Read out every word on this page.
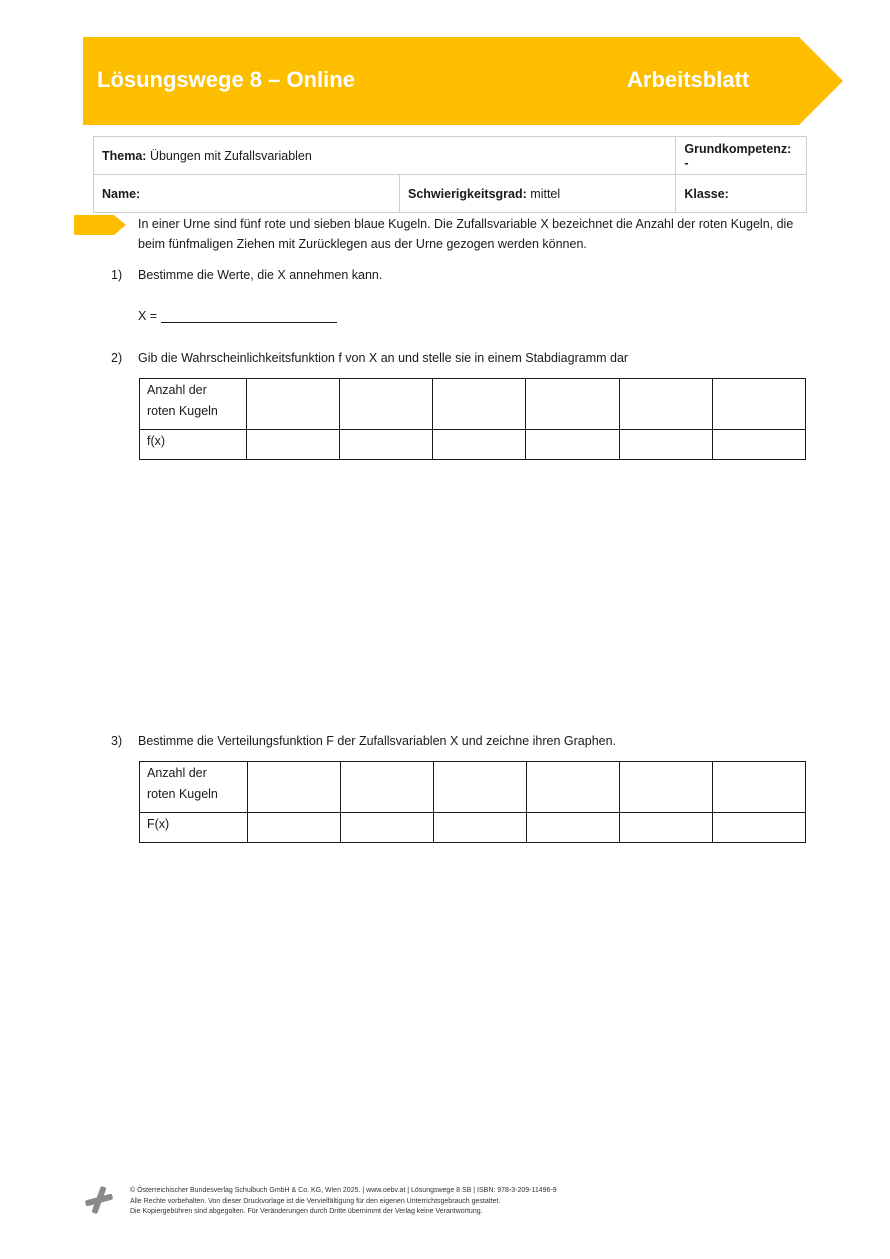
Lösungswege 8 – Online	Arbeitsblatt
Thema: Übungen mit Zufallsvariablen		Grundkompetenz: -
Name:	Schwierigkeitsgrad: mittel	Klasse:
In einer Urne sind fünf rote und sieben blaue Kugeln. Die Zufallsvariable X bezeichnet die Anzahl der roten Kugeln, die beim fünfmaligen Ziehen mit Zurücklegen aus der Urne gezogen werden können.
1) Bestimme die Werte, die X annehmen kann.
X =
2) Gib die Wahrscheinlichkeitsfunktion f von X an und stelle sie in einem Stabdiagramm dar
Anzahl der
roten Kugeln						
f(x)						
3) Bestimme die Verteilungsfunktion F der Zufallsvariablen X und zeichne ihren Graphen.
Anzahl der
roten Kugeln						
F(x)						
© Österreichischer Bundesverlag Schulbuch GmbH & Co. KG, Wien 2025. | www.oebv.at | Lösungswege 8 SB | ISBN: 978-3-209-11496-9
Alle Rechte vorbehalten. Von dieser Druckvorlage ist die Vervielfältigung für den eigenen Unterrichtsgebrauch gestattet.
Die Kopiergebühren sind abgegolten. Für Veränderungen durch Dritte übernimmt der Verlag keine Verantwortung.
